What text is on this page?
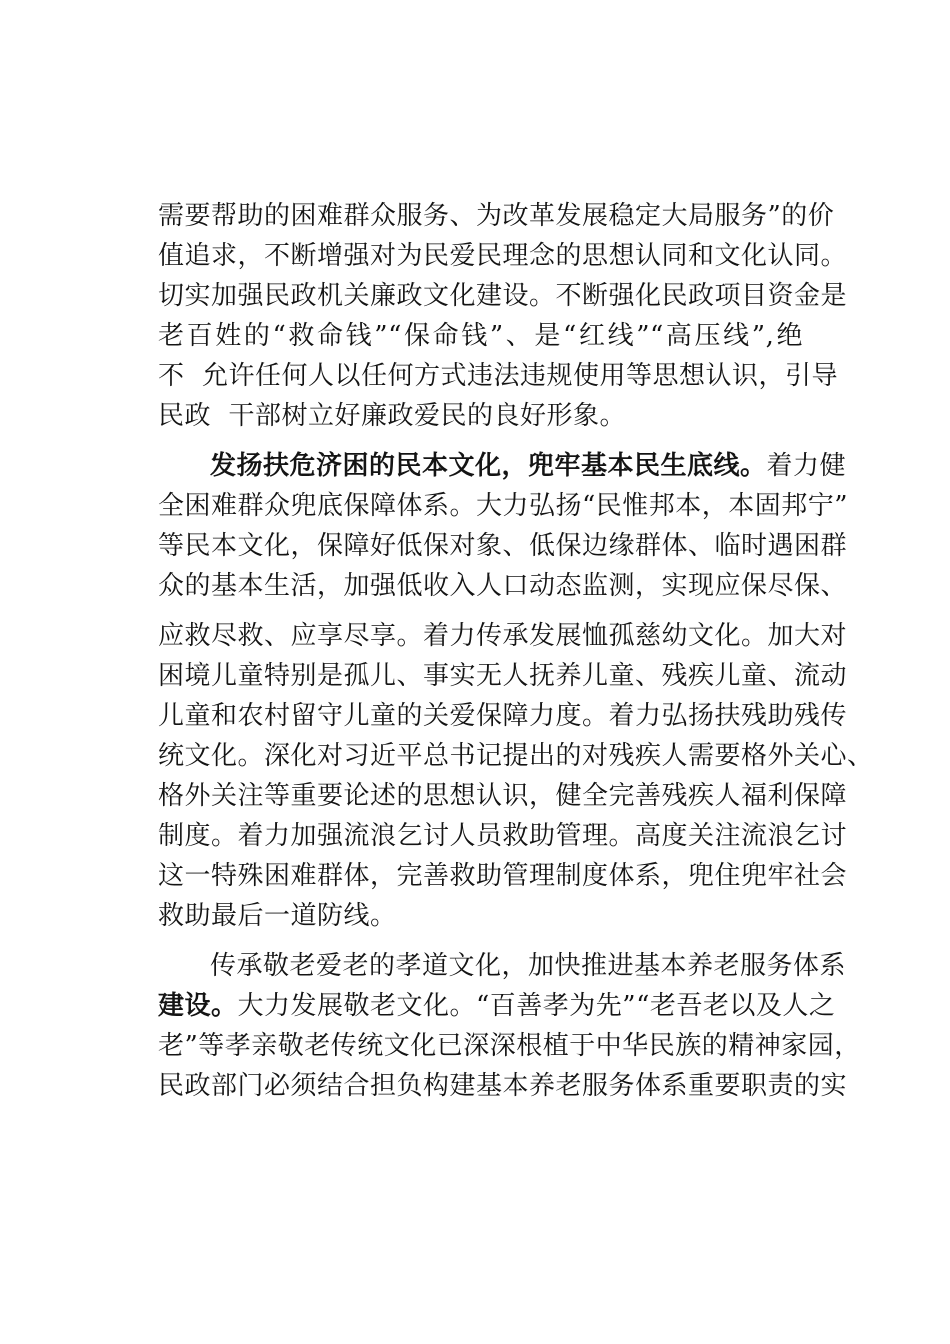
需要帮助的困难群众服务、为改革发展稳定大局服务”的价
值追求，不断增强对为民爱民理念的思想认同和文化认同。
切实加强民政机关廉政文化建设。不断强化民政项目资金是
老百姓的“救命钱”“保命钱”、是“红线”“高压线”,绝
不  允许任何人以任何方式违法违规使用等思想认识，引导
民政  干部树立好廉政爱民的良好形象。
发扬扶危济困的民本文化，兜牢基本民生底线。着力健
全困难群众兜底保障体系。大力弘扬“民惟邦本，本固邦宁”
等民本文化，保障好低保对象、低保边缘群体、临时遇困群
众的基本生活，加强低收入人口动态监测，实现应保尽保、
应救尽救、应享尽享。着力传承发展恤孤慈幼文化。加大对
困境儿童特别是孤儿、事实无人抚养儿童、残疾儿童、流动
儿童和农村留守儿童的关爱保障力度。着力弘扬扶残助残传
统文化。深化对习近平总书记提出的对残疾人需要格外关心、
格外关注等重要论述的思想认识，健全完善残疾人福利保障
制度。着力加强流浪乞讨人员救助管理。高度关注流浪乞讨
这一特殊困难群体，完善救助管理制度体系，兜住兜牢社会
救助最后一道防线。
传承敬老爱老的孝道文化，加快推进基本养老服务体系
建设。大力发展敬老文化。“百善孝为先”“老吾老以及人之
老”等孝亲敬老传统文化已深深根植于中华民族的精神家园，
民政部门必须结合担负构建基本养老服务体系重要职责的实
